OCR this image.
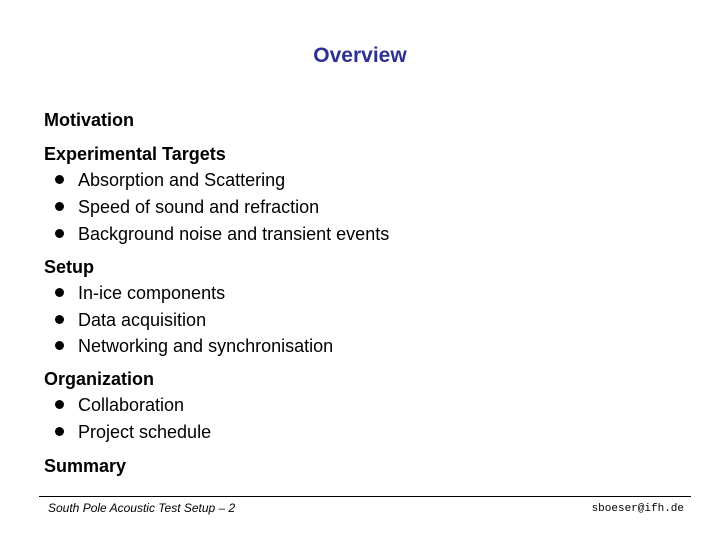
Overview
Motivation
Experimental Targets
Absorption and Scattering
Speed of sound and refraction
Background noise and transient events
Setup
In-ice components
Data acquisition
Networking and synchronisation
Organization
Collaboration
Project schedule
Summary
South Pole Acoustic Test Setup – 2	sboeser@ifh.de
